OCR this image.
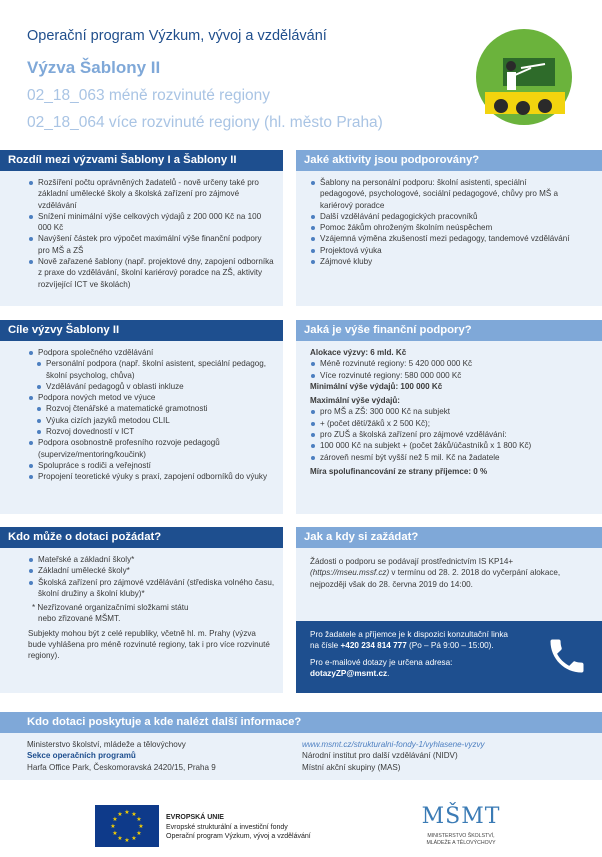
Operační program Výzkum, vývoj a vzdělávání
Výzva Šablony II
02_18_063 méně rozvinuté regiony
02_18_064 více rozvinuté regiony (hl. město Praha)
Rozdíl mezi výzvami Šablony I a Šablony II
Rozšíření počtu oprávněných žadatelů - nově určeny také pro základní umělecké školy a školská zařízení pro zájmové vzdělávání
Snížení minimální výše celkových výdajů z 200 000 Kč na 100 000 Kč
Navýšení částek pro výpočet maximální výše finanční podpory pro MŠ a ZŠ
Nově zařazené šablony (např. projektové dny, zapojení odborníka z praxe do vzdělávání, školní kariérový poradce na ZŠ, aktivity rozvíjející ICT ve školách)
Jaké aktivity jsou podporovány?
Šablony na personální podporu: školní asistenti, speciální pedagogové, psychologové, sociální pedagogové, chůvy pro MŠ a kariérový poradce
Další vzdělávání pedagogických pracovníků
Pomoc žákům ohroženým školním neúspěchem
Vzájemná výměna zkušeností mezi pedagogy, tandemové vzdělávání
Projektová výuka
Zájmové kluby
Cíle výzvy Šablony II
Podpora společného vzdělávání
Personální podpora (např. školní asistent, speciální pedagog, školní psycholog, chůva)
Vzdělávání pedagogů v oblasti inkluze
Podpora nových metod ve výuce
Rozvoj čtenářské a matematické gramotnosti
Výuka cizích jazyků metodou CLIL
Rozvoj dovedností v ICT
Podpora osobnostně profesního rozvoje pedagogů (supervize/mentoring/koučink)
Spolupráce s rodiči a veřejností
Propojení teoretické výuky s praxí, zapojení odborníků do výuky
Jaká je výše finanční podpory?
Alokace výzvy: 6 mld. Kč
Méně rozvinuté regiony: 5 420 000 000 Kč
Více rozvinuté regiony: 580 000 000 Kč
Minimální výše výdajů: 100 000 Kč
Maximální výše výdajů:
pro MŠ a ZŠ: 300 000 Kč na subjekt
+ (počet dětí/žáků x 2 500 Kč);
pro ZUŠ a školská zařízení pro zájmové vzdělávání:
100 000 Kč na subjekt + (počet žáků/účastníků x 1 800 Kč)
zároveň nesmí být vyšší než 5 mil. Kč na žadatele
Míra spolufinancování ze strany příjemce: 0 %
Kdo může o dotaci požádat?
Mateřské a základní školy*
Základní umělecké školy*
Školská zařízení pro zájmové vzdělávání (střediska volného času, školní družiny a školní kluby)*
* Nezřizované organizačními složkami státu
nebo zřizované MŠMT.
Subjekty mohou být z celé republiky, včetně hl. m. Prahy (výzva bude vyhlášena pro méně rozvinuté regiony, tak i pro více rozvinuté regiony).
Jak a kdy si zažádat?
Žádosti o podporu se podávají prostřednictvím IS KP14+ (https://mseu.mssf.cz) v termínu od 28. 2. 2018 do vyčerpání alokace, nejpozději však do 28. června 2019 do 14:00.
Pro žadatele a příjemce je k dispozici konzultační linka
na čísle +420 234 814 777 (Po – Pá 9:00 – 15:00).
Pro e-mailové dotazy je určena adresa:
dotazyZP@msmt.cz.
Kdo dotaci poskytuje a kde nalézt další informace?
Ministerstvo školství, mládeže a tělovýchovy
Sekce operačních programů
Harfa Office Park, Českomoravská 2420/15, Praha 9
www.msmt.cz/strukturalni-fondy-1/vyhlasene-vyzvy
Národní institut pro další vzdělávání (NIDV)
Místní akční skupiny (MAS)
★ ★
★
★
★
★
★
★
★
★
★
★	EVROPSKÁ UNIE
Evropské strukturální a investiční fondy
Operační program Výzkum, vývoj a vzdělávání
MŠMT
MINISTERSTVO ŠKOLSTVÍ,
MLÁDEŽE A TĚLOVÝCHOVY
